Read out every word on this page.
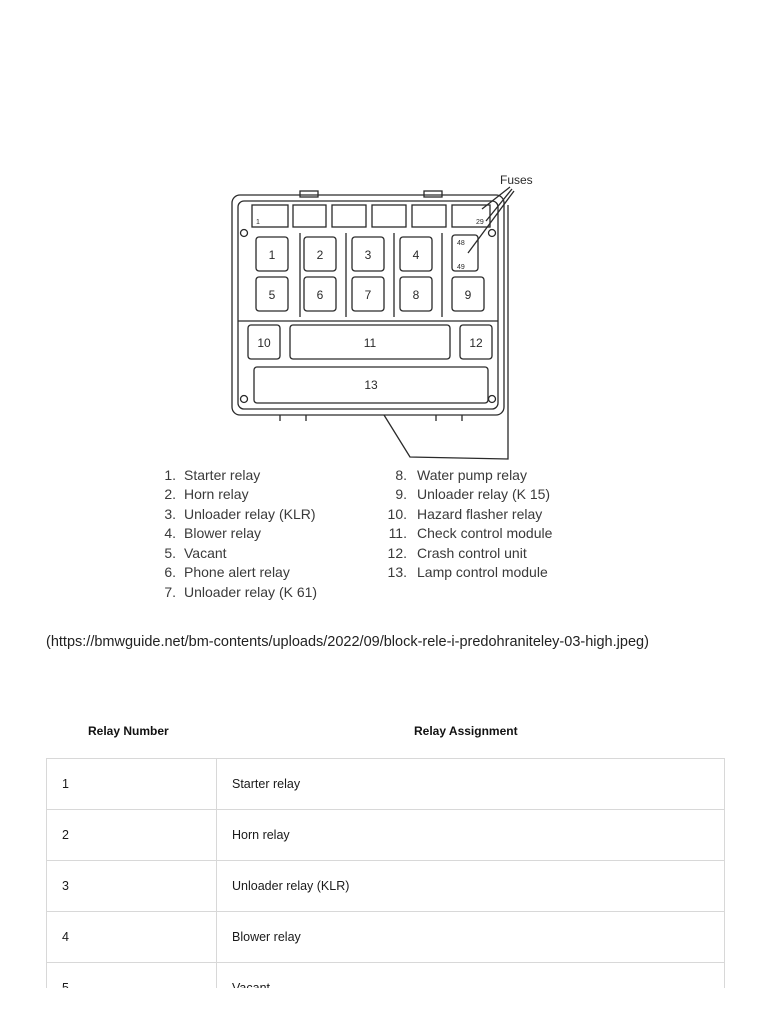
Fuses
1	29
48
49
1	2	3	4
5	6	7	8	9
10	11	12
13
1. Starter relay
2. Horn relay
3. Unloader relay (KLR)
4. Blower relay
5. Vacant
6. Phone alert relay
7. Unloader relay (K 61)
8. Water pump relay
9. Unloader relay (K 15)
10. Hazard flasher relay
11. Check control module
12. Crash control unit
13. Lamp control module
(https://bmwguide.net/bm-contents/uploads/2022/09/block-rele-i-predohraniteley-03-high.jpeg)
Relay Number	Relay Assignment
1	Starter relay
2	Horn relay
3	Unloader relay (KLR)
4	Blower relay
